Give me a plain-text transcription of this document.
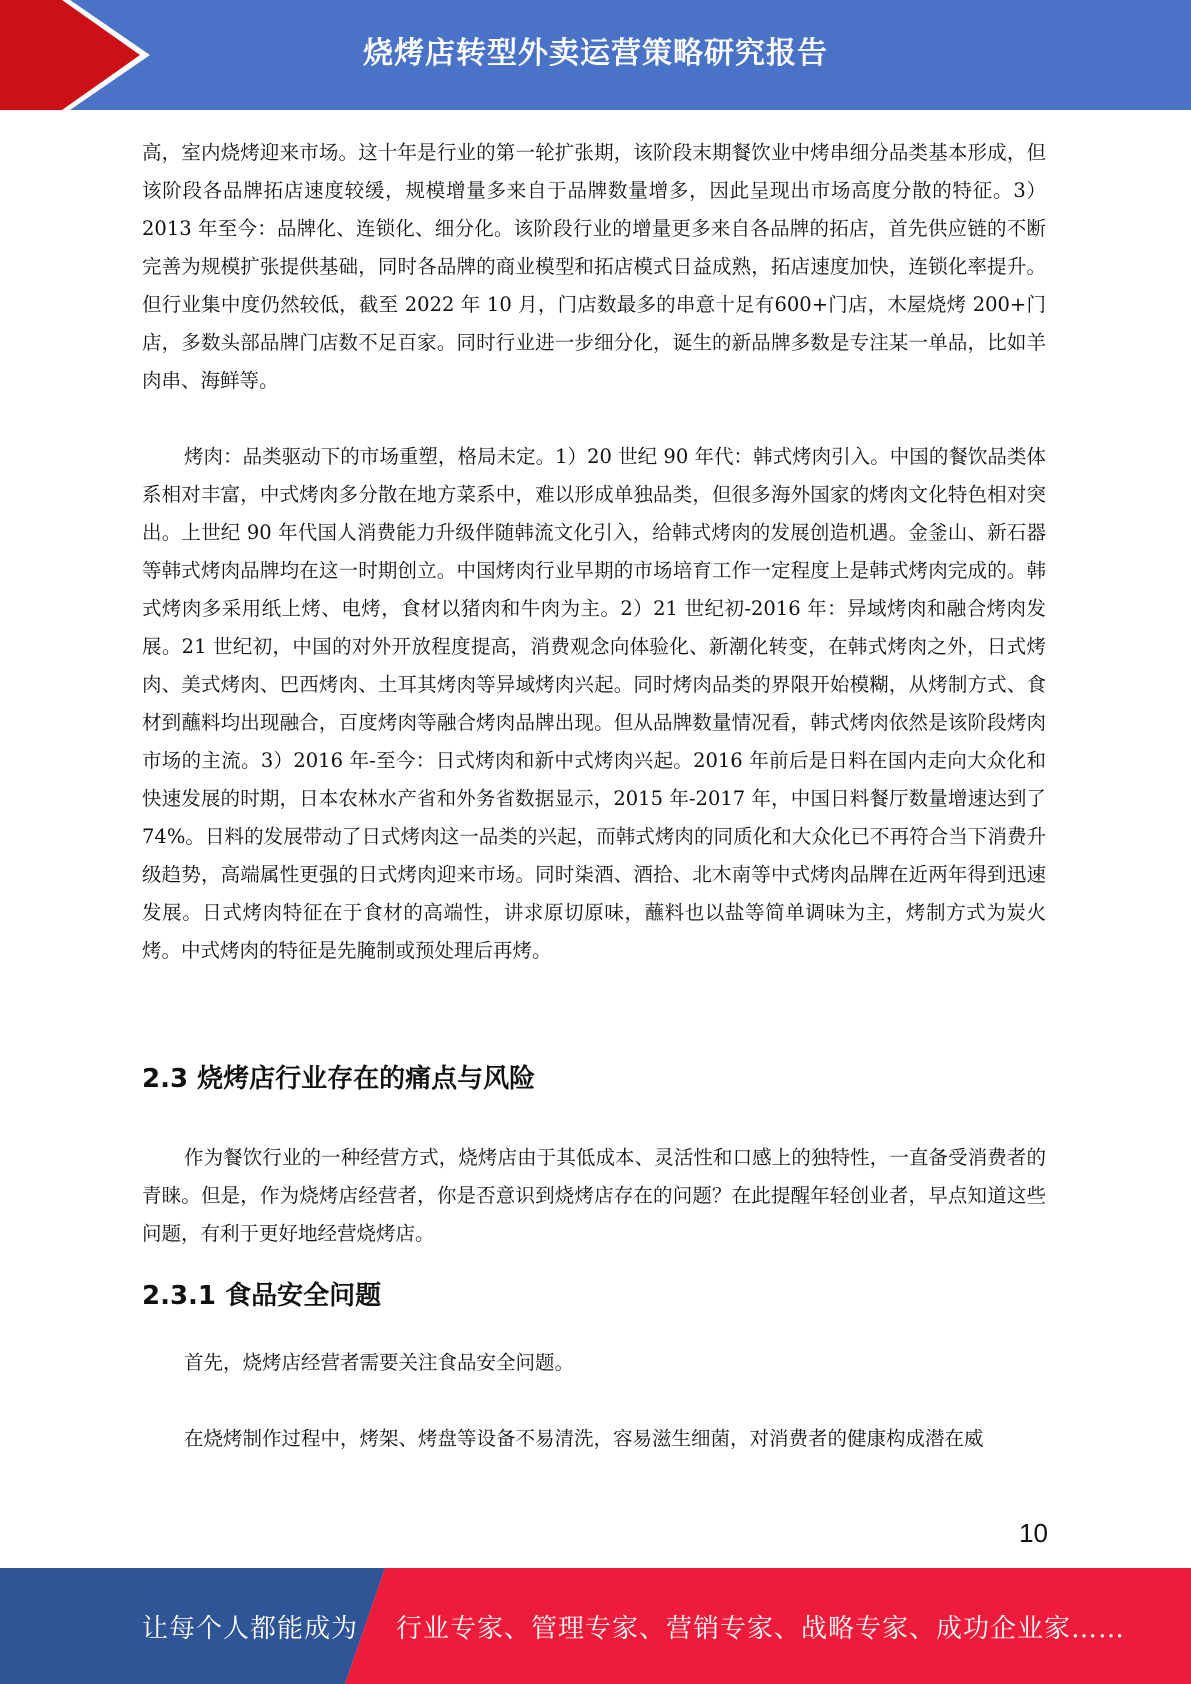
烧烤店转型外卖运营策略研究报告

高，室内烧烤迎来市场。这十年是行业的第一轮扩张期，该阶段末期餐饮业中烤串细分品类基本形成，但该阶段各品牌拓店速度较缓，规模增量多来自于品牌数量增多，因此呈现出市场高度分散的特征。3）2013 年至今：品牌化、连锁化、细分化。该阶段行业的增量更多来自各品牌的拓店，首先供应链的不断完善为规模扩张提供基础，同时各品牌的商业模型和拓店模式日益成熟，拓店速度加快，连锁化率提升。但行业集中度仍然较低，截至 2022 年 10 月，门店数最多的串意十足有600+门店，木屋烧烤 200+门店，多数头部品牌门店数不足百家。同时行业进一步细分化，诞生的新品牌多数是专注某一单品，比如羊肉串、海鲜等。

烤肉：品类驱动下的市场重塑，格局未定。1）20 世纪 90 年代：韩式烤肉引入。中国的餐饮品类体系相对丰富，中式烤肉多分散在地方菜系中，难以形成单独品类，但很多海外国家的烤肉文化特色相对突出。上世纪 90 年代国人消费能力升级伴随韩流文化引入，给韩式烤肉的发展创造机遇。金釜山、新石器等韩式烤肉品牌均在这一时期创立。中国烤肉行业早期的市场培育工作一定程度上是韩式烤肉完成的。韩式烤肉多采用纸上烤、电烤，食材以猪肉和牛肉为主。2）21 世纪初-2016 年：异域烤肉和融合烤肉发展。21 世纪初，中国的对外开放程度提高，消费观念向体验化、新潮化转变，在韩式烤肉之外，日式烤肉、美式烤肉、巴西烤肉、土耳其烤肉等异域烤肉兴起。同时烤肉品类的界限开始模糊，从烤制方式、食材到蘸料均出现融合，百度烤肉等融合烤肉品牌出现。但从品牌数量情况看，韩式烤肉依然是该阶段烤肉市场的主流。3）2016 年-至今：日式烤肉和新中式烤肉兴起。2016 年前后是日料在国内走向大众化和快速发展的时期，日本农林水产省和外务省数据显示，2015 年-2017 年，中国日料餐厅数量增速达到了 74%。日料的发展带动了日式烤肉这一品类的兴起，而韩式烤肉的同质化和大众化已不再符合当下消费升级趋势，高端属性更强的日式烤肉迎来市场。同时柒酒、酒拾、北木南等中式烤肉品牌在近两年得到迅速发展。日式烤肉特征在于食材的高端性，讲求原切原味，蘸料也以盐等简单调味为主，烤制方式为炭火烤。中式烤肉的特征是先腌制或预处理后再烤。

2.3 烧烤店行业存在的痛点与风险

作为餐饮行业的一种经营方式，烧烤店由于其低成本、灵活性和口感上的独特性，一直备受消费者的青睐。但是，作为烧烤店经营者，你是否意识到烧烤店存在的问题？在此提醒年轻创业者，早点知道这些问题，有利于更好地经营烧烤店。

2.3.1 食品安全问题

首先，烧烤店经营者需要关注食品安全问题。

在烧烤制作过程中，烤架、烤盘等设备不易清洗，容易滋生细菌，对消费者的健康构成潜在威

10
让每个人都能成为 行业专家、管理专家、营销专家、战略专家、成功企业家……
